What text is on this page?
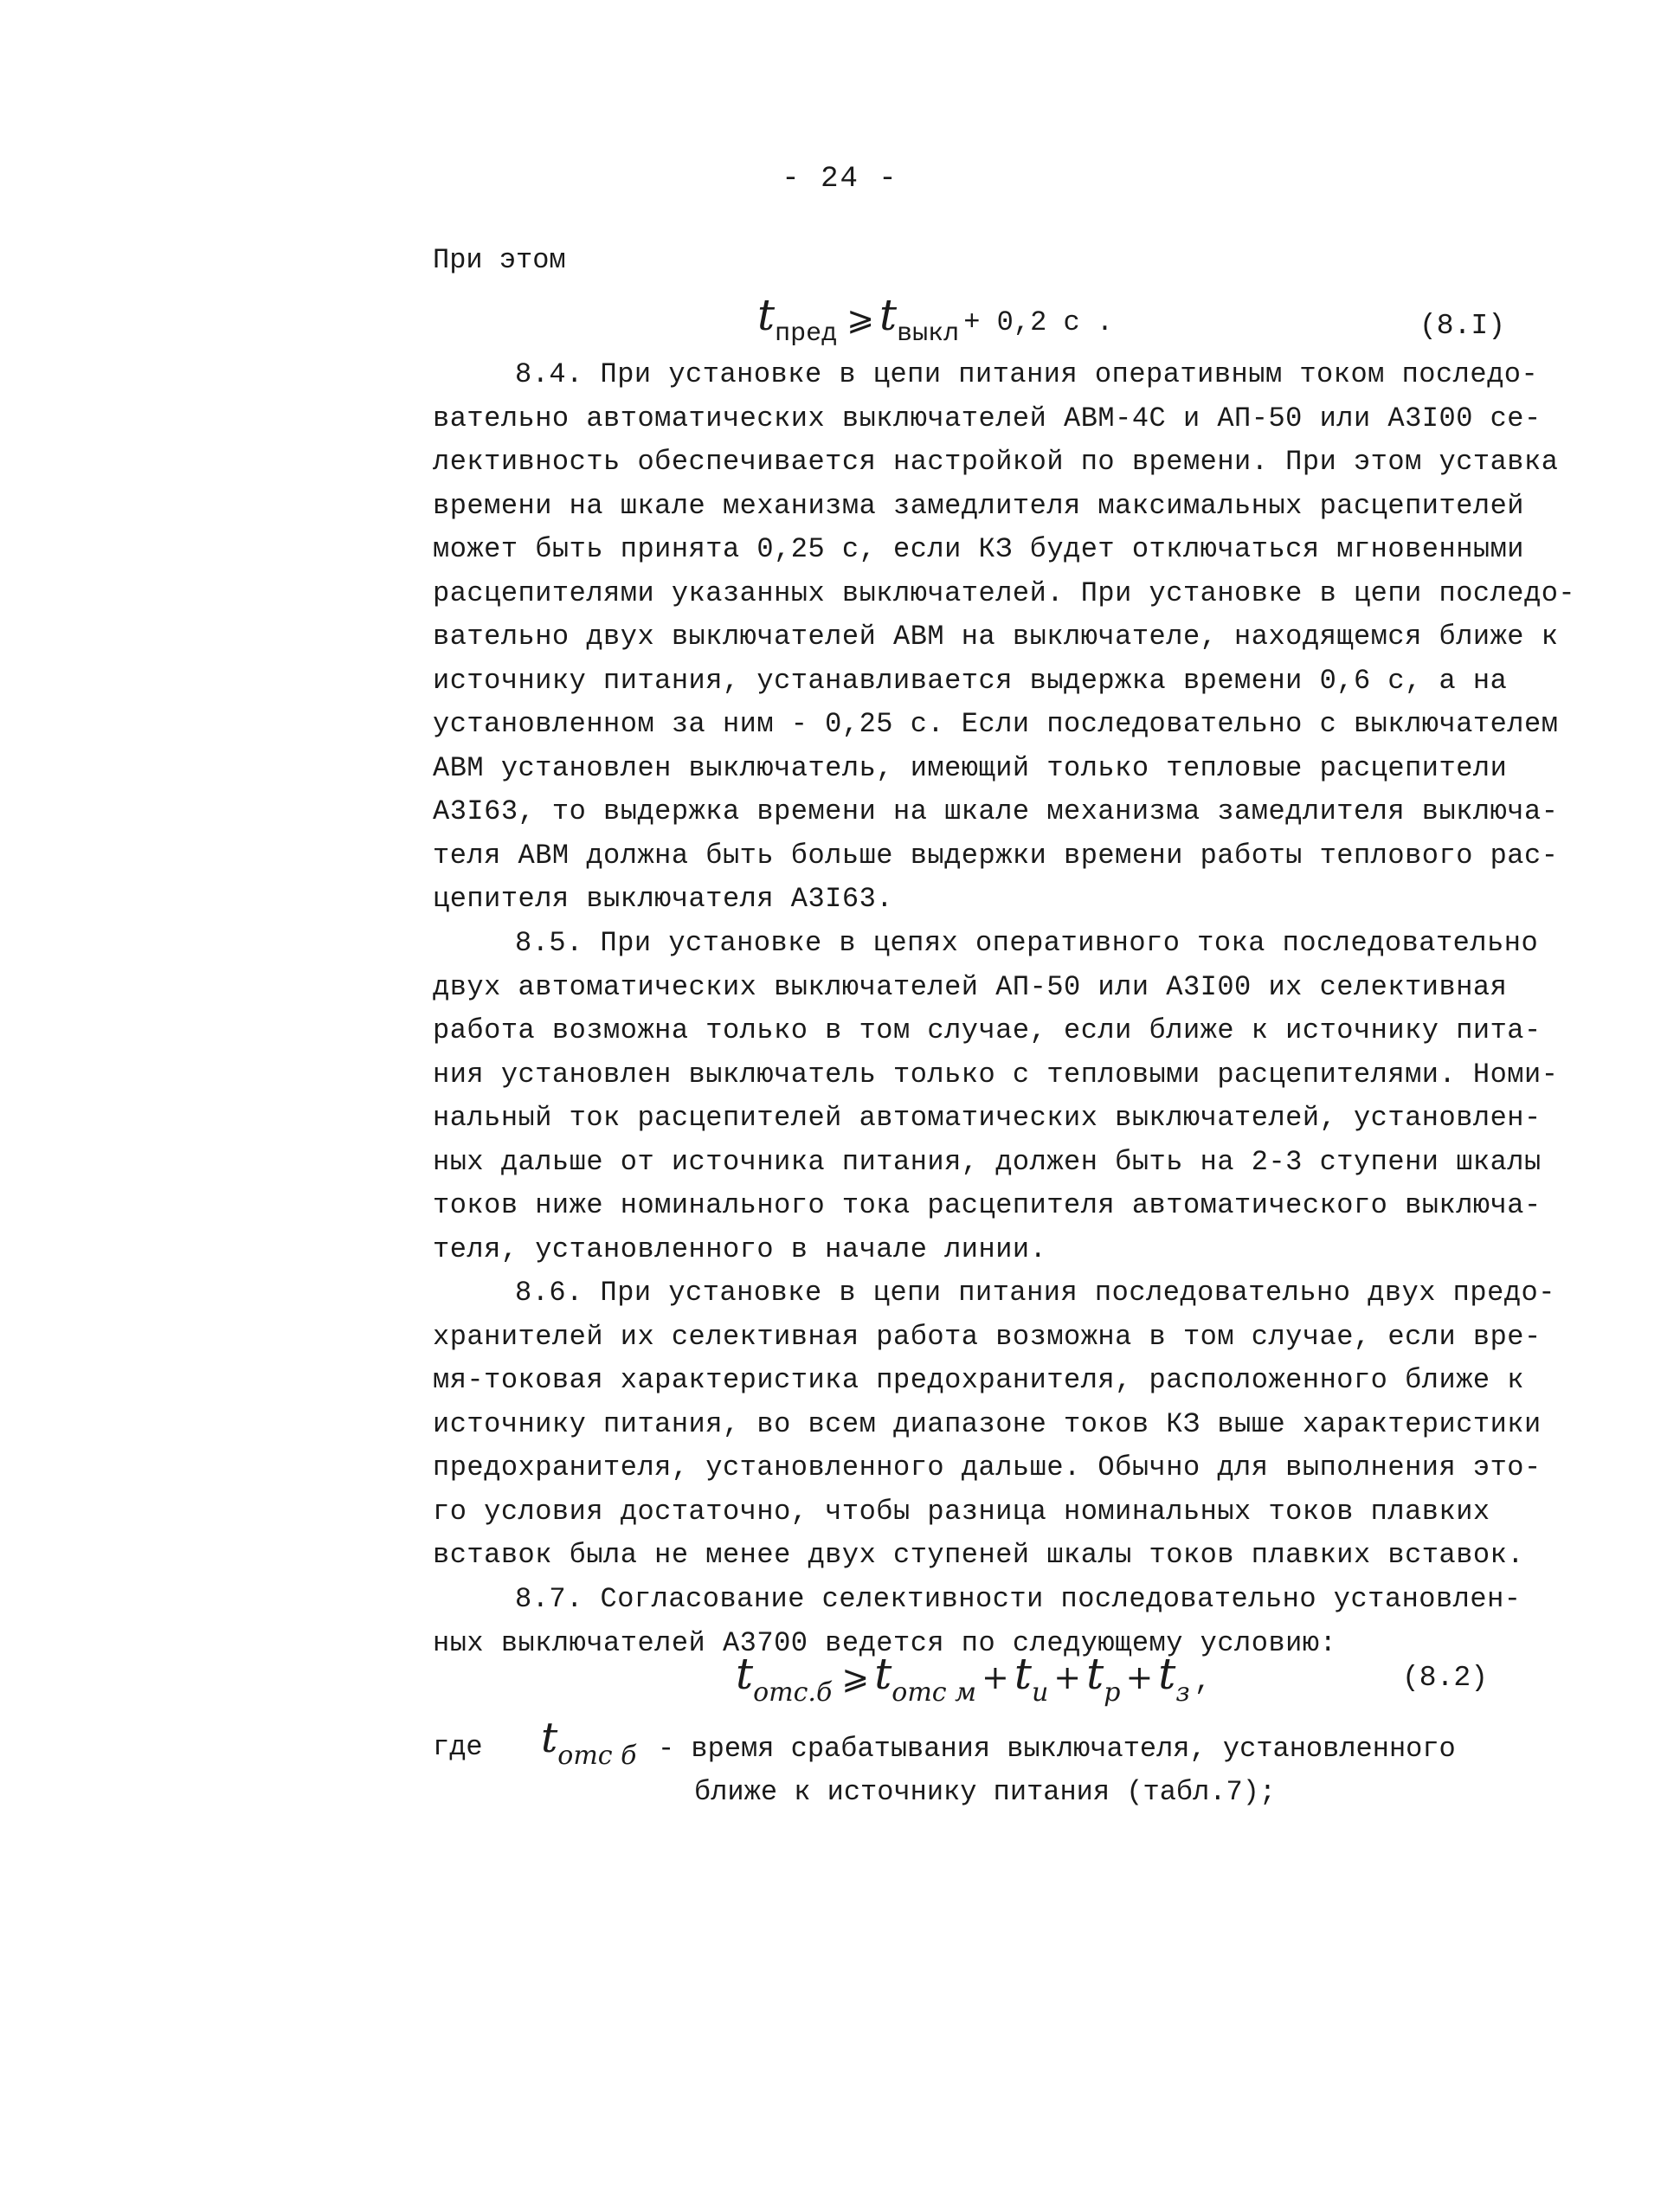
- 24 -
При этом
tпред ⩾ tвыкл + 0,2 с .	(8.I)
8.4. При установке в цепи питания оперативным током последо-
вательно автоматических выключателей АВМ-4С и АП-50 или А3I00 се-
лективность обеспечивается настройкой по времени. При этом уставка
времени на шкале механизма замедлителя максимальных расцепителей
может быть принята 0,25 с, если КЗ будет отключаться мгновенными
расцепителями указанных выключателей. При установке в цепи последо-
вательно двух выключателей АВМ на выключателе, находящемся ближе к
источнику питания, устанавливается выдержка времени 0,6 с, а на
установленном за ним - 0,25 с. Если последовательно с выключателем
АВМ установлен выключатель, имеющий только тепловые расцепители
А3I63, то выдержка времени на шкале механизма замедлителя выключа-
теля АВМ должна быть больше выдержки времени работы теплового рас-
цепителя выключателя А3I63.
8.5. При установке в цепях оперативного тока последовательно
двух автоматических выключателей АП-50 или А3I00 их селективная
работа возможна только в том случае, если ближе к источнику пита-
ния установлен выключатель только с тепловыми расцепителями. Номи-
нальный ток расцепителей автоматических выключателей, установлен-
ных дальше от источника питания, должен быть на 2-3 ступени шкалы
токов ниже номинального тока расцепителя автоматического выключа-
теля, установленного в начале линии.
8.6. При установке в цепи питания последовательно двух предо-
хранителей их селективная работа возможна в том случае, если вре-
мя-токовая характеристика предохранителя, расположенного ближе к
источнику питания, во всем диапазоне токов КЗ выше характеристики
предохранителя, установленного дальше. Обычно для выполнения это-
го условия достаточно, чтобы разница номинальных токов плавких
вставок была не менее двух ступеней шкалы токов плавких вставок.
8.7. Согласование селективности последовательно установлен-
ных выключателей А3700 ведется по следующему условию:
tотс.б ⩾ tотс м + tи + tр + tз ,	(8.2)
где tотс б - время срабатывания выключателя, установленного
ближе к источнику питания (табл.7);
